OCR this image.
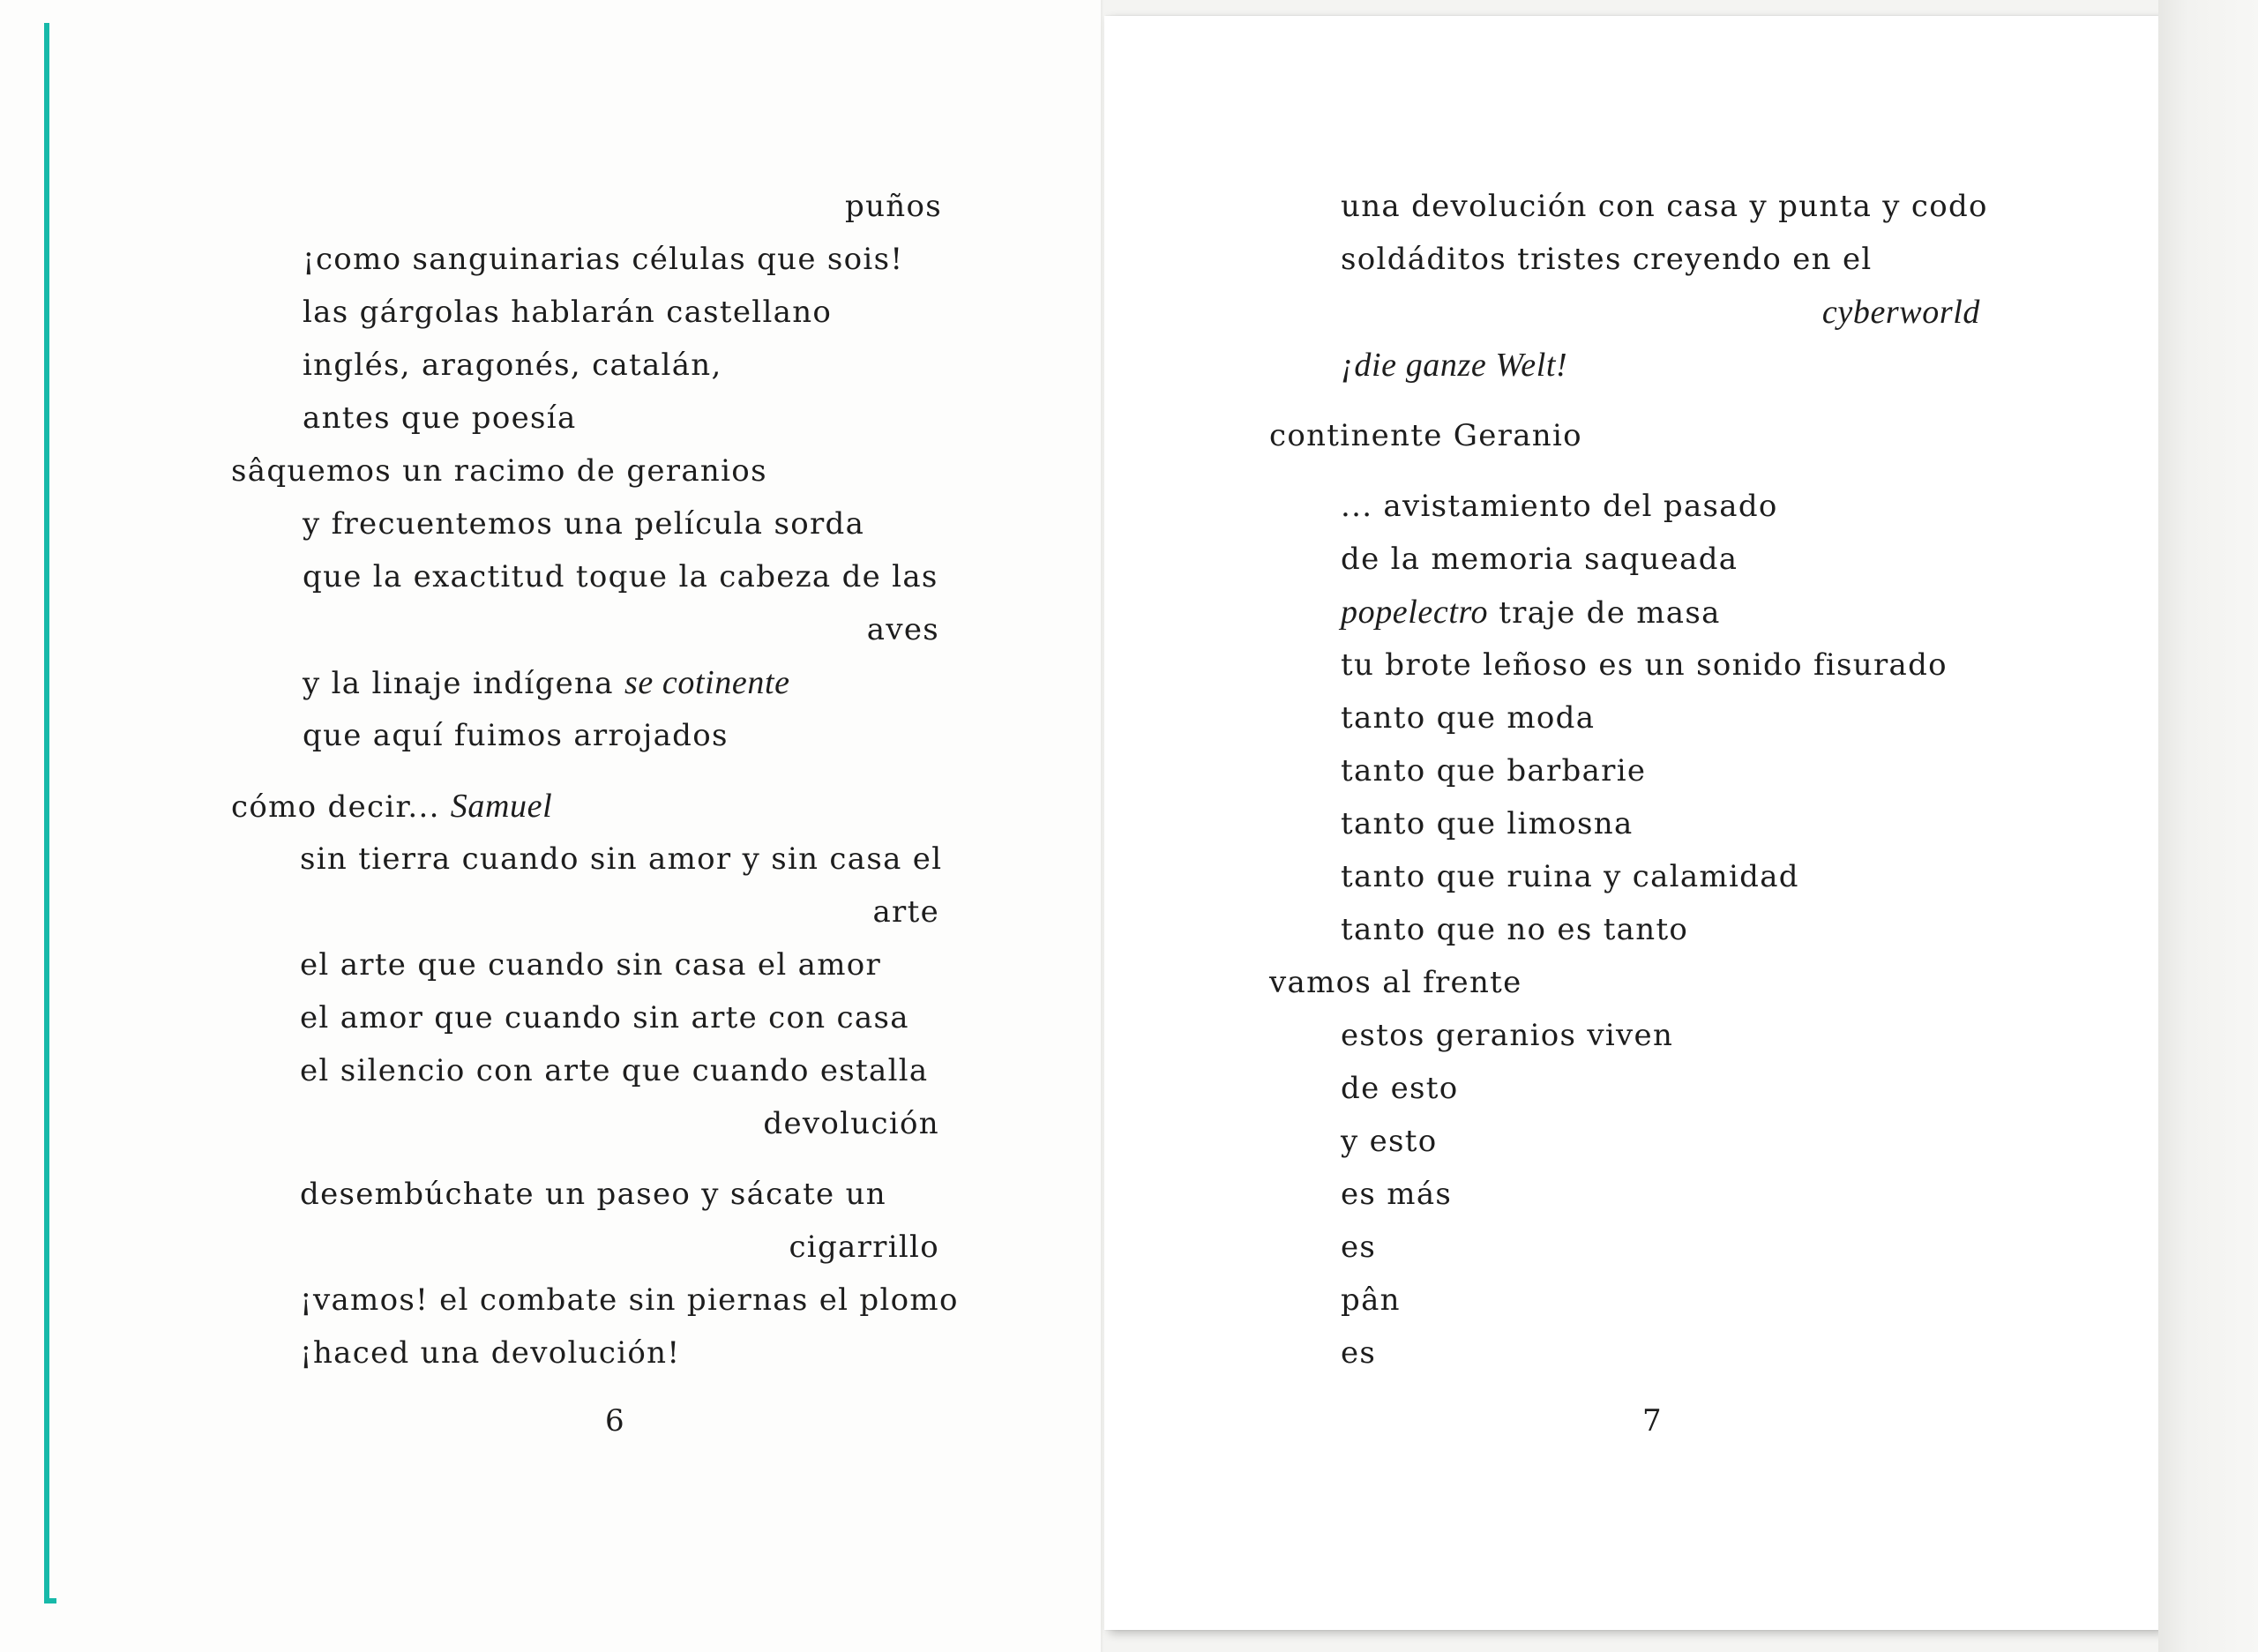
puños
¡como sanguinarias células que sois!
las gárgolas hablarán castellano
inglés, aragonés, catalán,
antes que poesía
sâquemos un racimo de geranios
y frecuentemos una película sorda
que la exactitud toque la cabeza de las
aves
y la linaje indígena se cotinente
que aquí fuimos arrojados
cómo decir... Samuel
sin tierra cuando sin amor y sin casa el
arte
el arte que cuando sin casa el amor
el amor que cuando sin arte con casa
el silencio con arte que cuando estalla
devolución
desembúchate un paseo y sácate un
cigarrillo
¡vamos! el combate sin piernas el plomo
¡haced una devolución!
6
una devolución con casa y punta y codo
soldáditos tristes creyendo en el
cyberworld
¡die ganze Welt!
continente Geranio
... avistamiento del pasado
de la memoria saqueada
popelectro traje de masa
tu brote leñoso es un sonido fisurado
tanto que moda
tanto que barbarie
tanto que limosna
tanto que ruina y calamidad
tanto que no es tanto
vamos al frente
estos geranios viven
de esto
y esto
es más
es
pân
es
7
